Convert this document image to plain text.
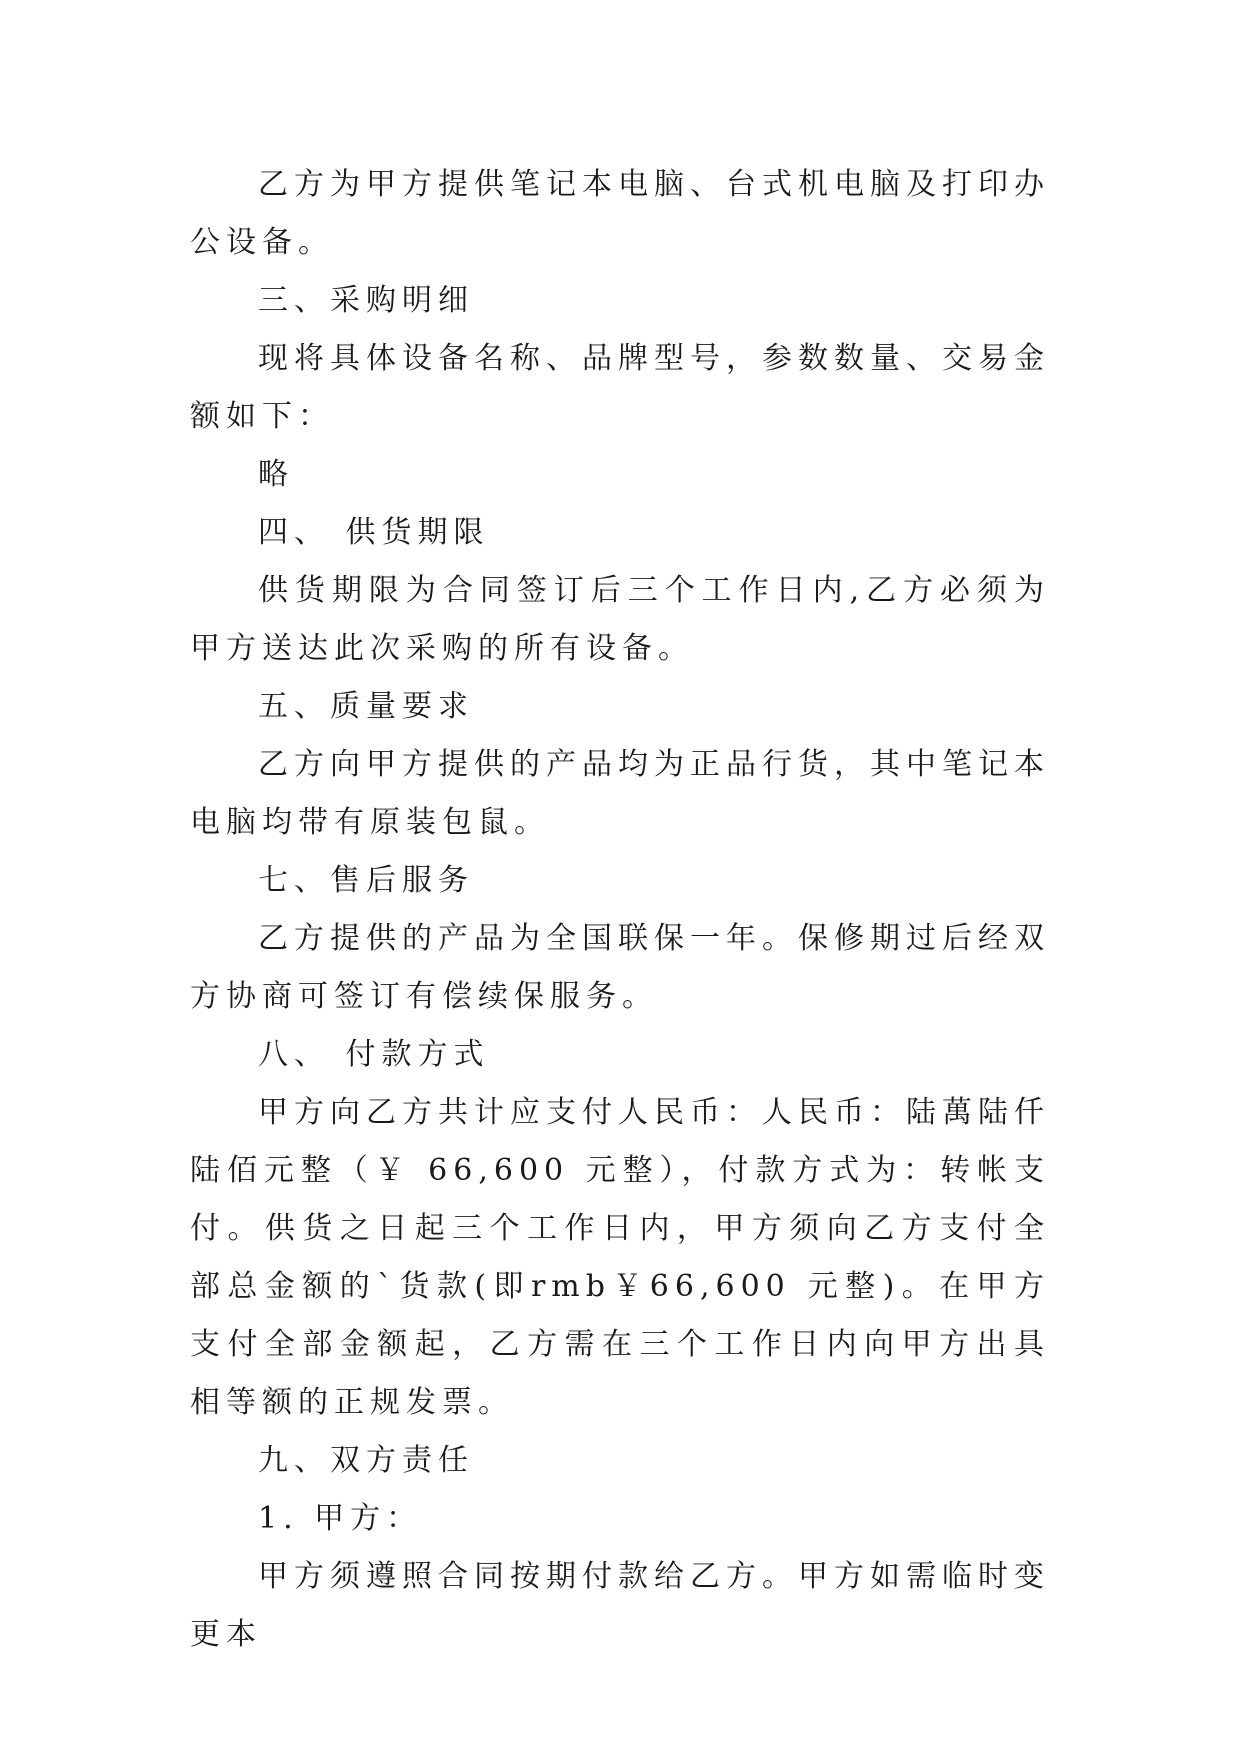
乙方为甲方提供笔记本电脑、台式机电脑及打印办公设备。

三、采购明细

现将具体设备名称、品牌型号，参数数量、交易金额如下：

略

四、 供货期限

供货期限为合同签订后三个工作日内,乙方必须为甲方送达此次采购的所有设备。

五、质量要求

乙方向甲方提供的产品均为正品行货，其中笔记本电脑均带有原装包鼠。

七、售后服务

乙方提供的产品为全国联保一年。保修期过后经双方协商可签订有偿续保服务。

八、 付款方式

甲方向乙方共计应支付人民币：人民币：陆萬陆仟陆佰元整（￥ 66,600 元整），付款方式为：转帐支付。供货之日起三个工作日内，甲方须向乙方支付全部总金额的`货款(即rmb￥66,600 元整)。在甲方支付全部金额起，乙方需在三个工作日内向甲方出具相等额的正规发票。

九、双方责任

1. 甲方：

甲方须遵照合同按期付款给乙方。甲方如需临时变更本
